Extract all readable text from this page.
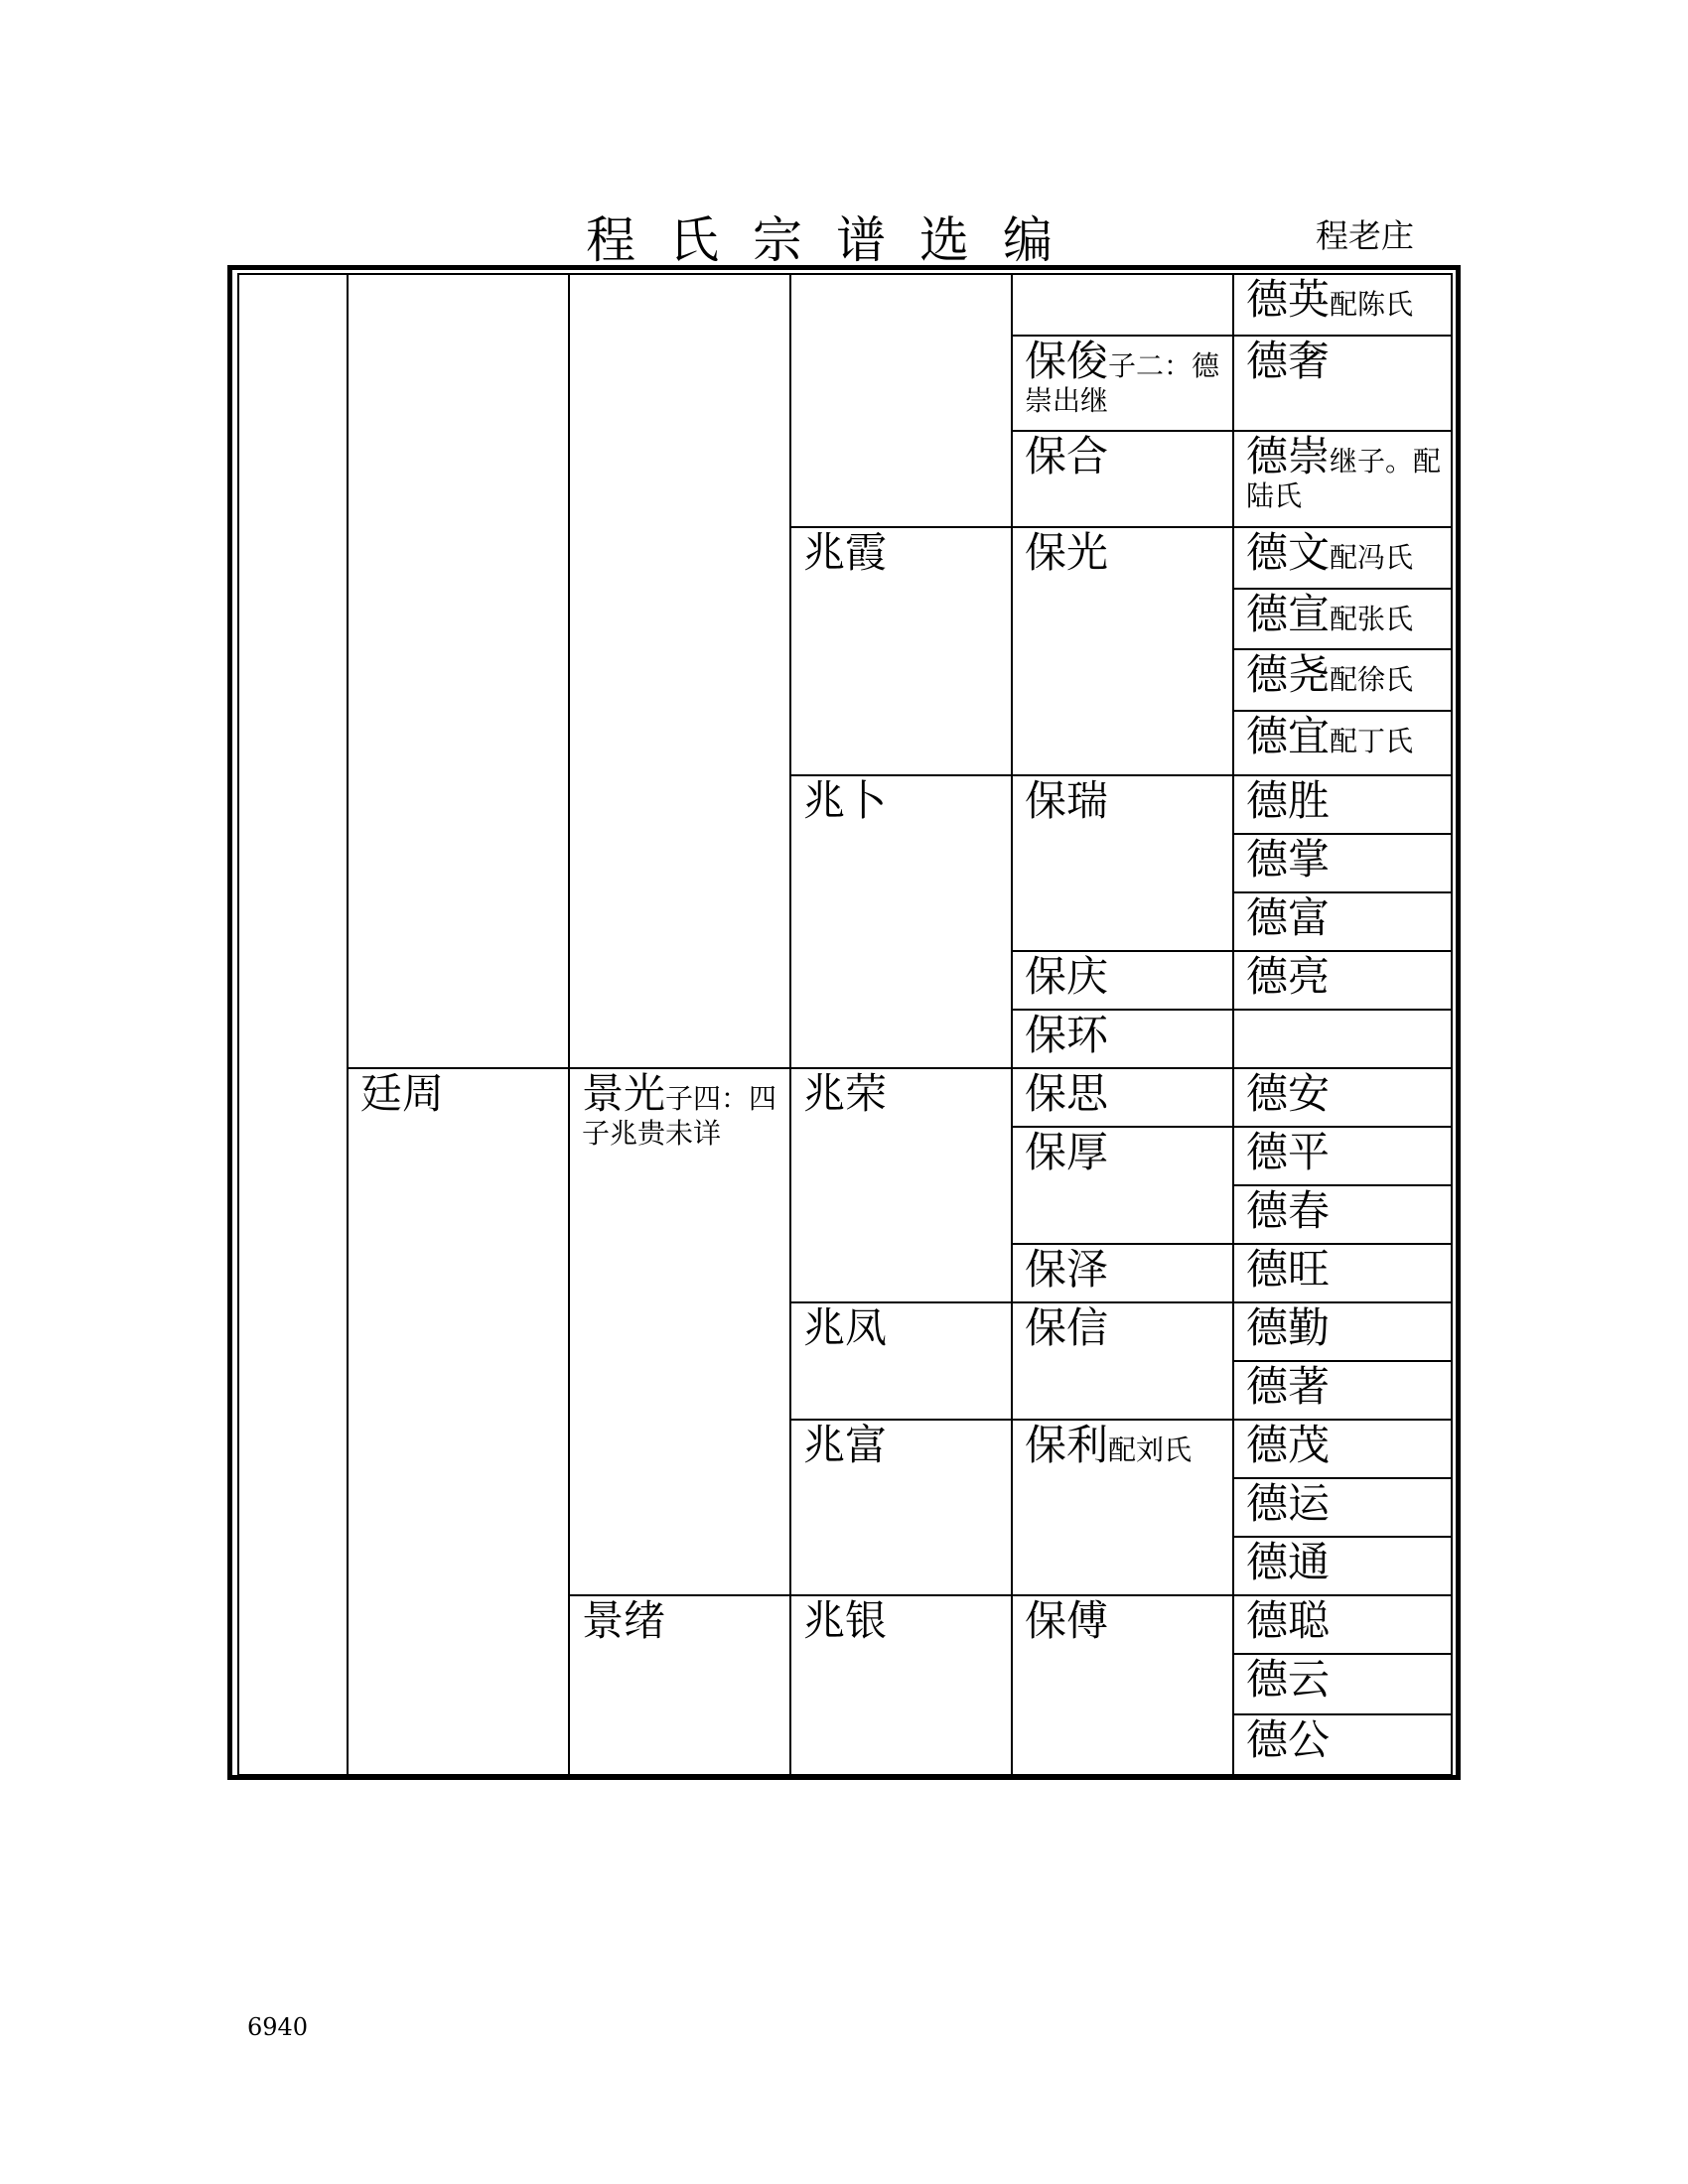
程氏宗谱选编	程老庄
廷周	景光子四：四子兆贵未详
景绪
兆霞
兆卜
兆荣
兆凤
兆富
兆银
保俊子二：德崇出继
保合
保光
保瑞
保庆
保环
保思
保厚
保泽
保信
保利配刘氏
保傅
德英配陈氏
德奢
德崇继子。配陆氏
德文配冯氏
德宣配张氏
德尧配徐氏
德宜配丁氏
德胜
德掌
德富
德亮
德安
德平
德春
德旺
德勤
德著
德茂
德运
德通
德聪
德云
德公
6940
